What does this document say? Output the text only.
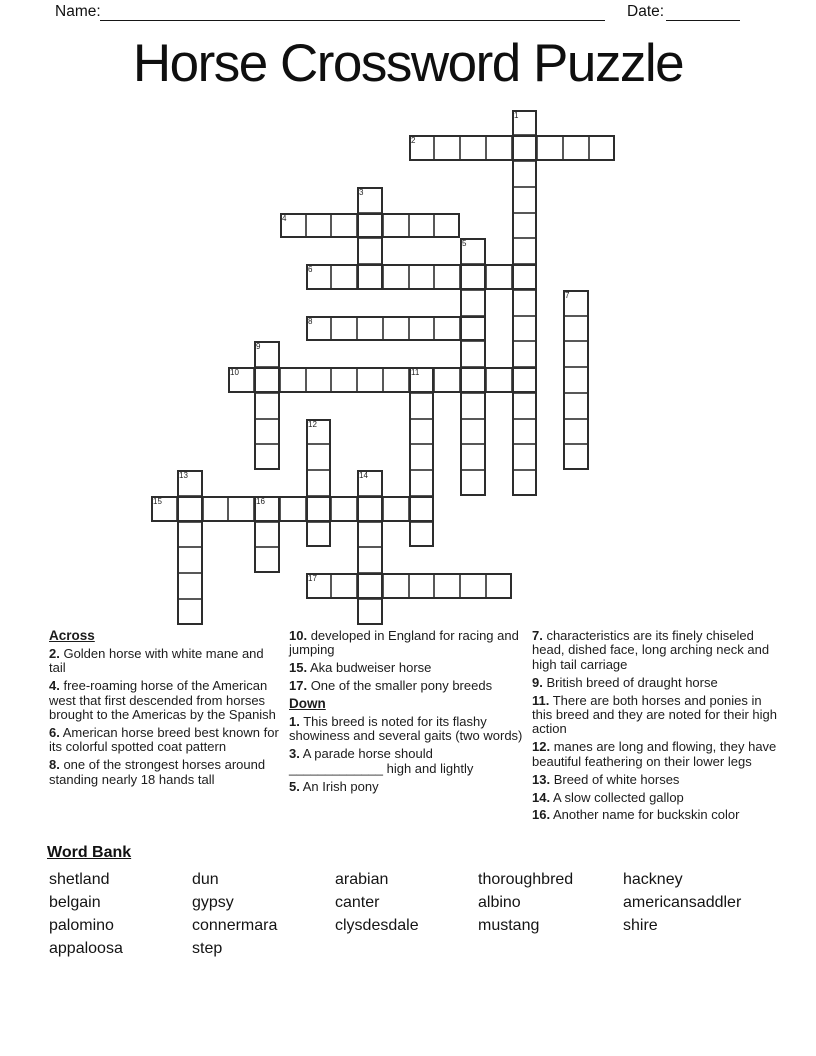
Name:	Date:
Horse Crossword Puzzle
1
2
3
4
5
6
7
8
9
10	11
12
13	14
15	16
17
Across

2. Golden horse with white mane and tail

4. free-roaming horse of the American west that first descended from horses brought to the Americas by the Spanish

6. American horse breed best known for its colorful spotted coat pattern

8. one of the strongest horses around standing nearly 18 hands tall

10. developed in England for racing and jumping

15. Aka budweiser horse

17. One of the smaller pony breeds

Down

1. This breed is noted for its flashy showiness and several gaits (two words)

3. A parade horse should _____________ high and lightly

5. An Irish pony

7. characteristics are its finely chiseled head, dished face, long arching neck and high tail carriage

9. British breed of draught horse

11. There are both horses and ponies in this breed and they are noted for their high action

12. manes are long and flowing, they have beautiful feathering on their lower legs

13. Breed of white horses

14. A slow collected gallop

16. Another name for buckskin color

Word Bank
shetland	dun	arabian	thoroughbred	hackney
belgain	gypsy	canter	albino	americansaddler
palomino	connermara	clysdesdale	mustang	shire
appaloosa	step
